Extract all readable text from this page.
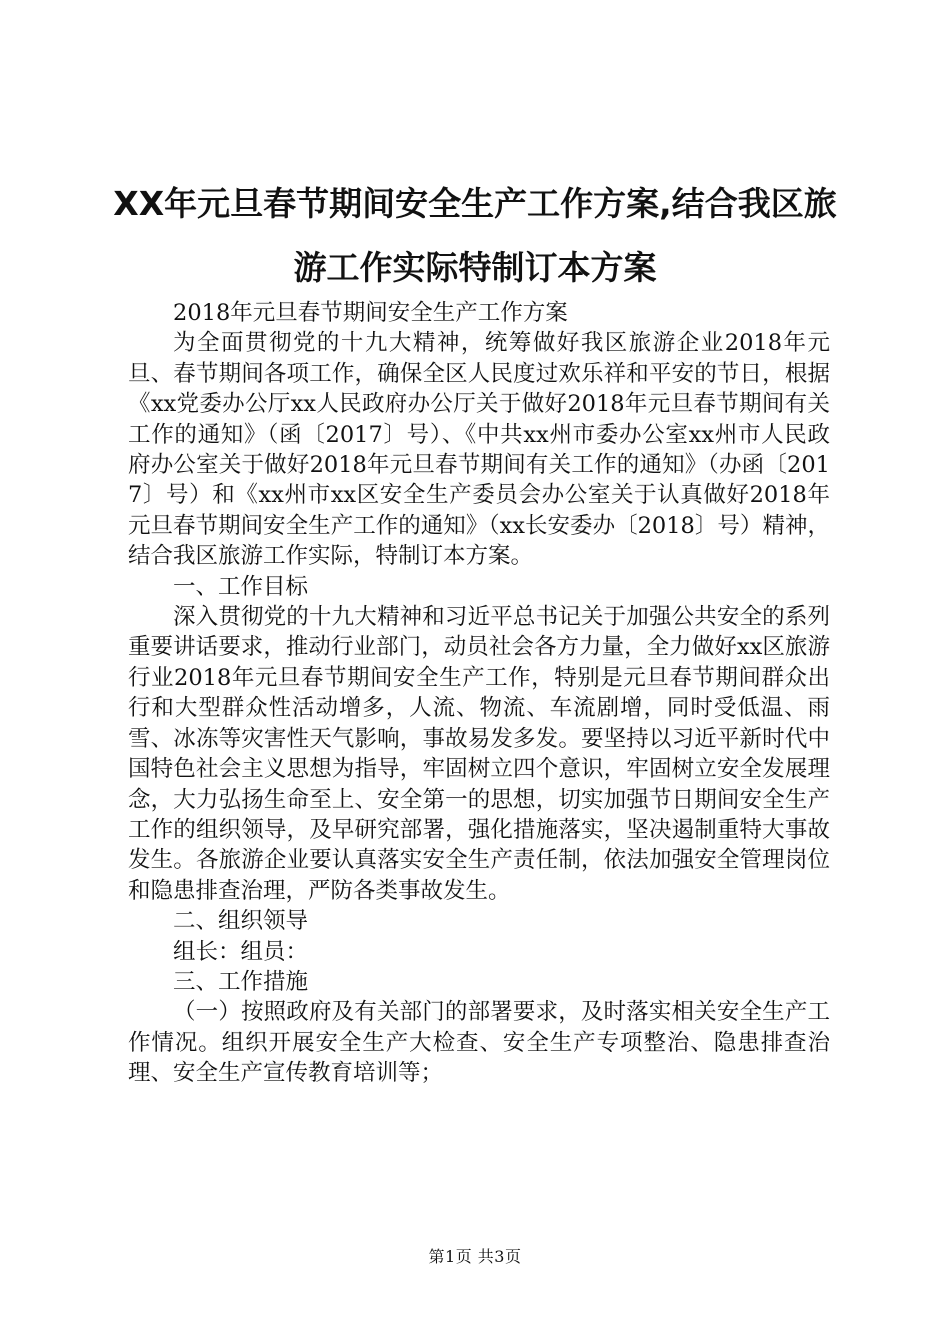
XX年元旦春节期间安全生产工作方案,结合我区旅游工作实际特制订本方案

2018年元旦春节期间安全生产工作方案

为全面贯彻党的十九大精神，统筹做好我区旅游企业2018年元旦、春节期间各项工作，确保全区人民度过欢乐祥和平安的节日，根据《xx党委办公厅xx人民政府办公厅关于做好2018年元旦春节期间有关工作的通知》（函〔2017〕号）、《中共xx州市委办公室xx州市人民政府办公室关于做好2018年元旦春节期间有关工作的通知》（办函〔2017〕号）和《xx州市xx区安全生产委员会办公室关于认真做好2018年元旦春节期间安全生产工作的通知》（xx长安委办〔2018〕号）精神，结合我区旅游工作实际，特制订本方案。

一、工作目标

深入贯彻党的十九大精神和习近平总书记关于加强公共安全的系列重要讲话要求，推动行业部门，动员社会各方力量，全力做好xx区旅游行业2018年元旦春节期间安全生产工作，特别是元旦春节期间群众出行和大型群众性活动增多，人流、物流、车流剧增，同时受低温、雨雪、冰冻等灾害性天气影响，事故易发多发。要坚持以习近平新时代中国特色社会主义思想为指导，牢固树立四个意识，牢固树立安全发展理念，大力弘扬生命至上、安全第一的思想，切实加强节日期间安全生产工作的组织领导，及早研究部署，强化措施落实，坚决遏制重特大事故发生。各旅游企业要认真落实安全生产责任制，依法加强安全管理岗位和隐患排查治理，严防各类事故发生。

二、组织领导

组长：组员：

三、工作措施

（一）按照政府及有关部门的部署要求，及时落实相关安全生产工作情况。组织开展安全生产大检查、安全生产专项整治、隐患排查治理、安全生产宣传教育培训等；

第1页 共3页
